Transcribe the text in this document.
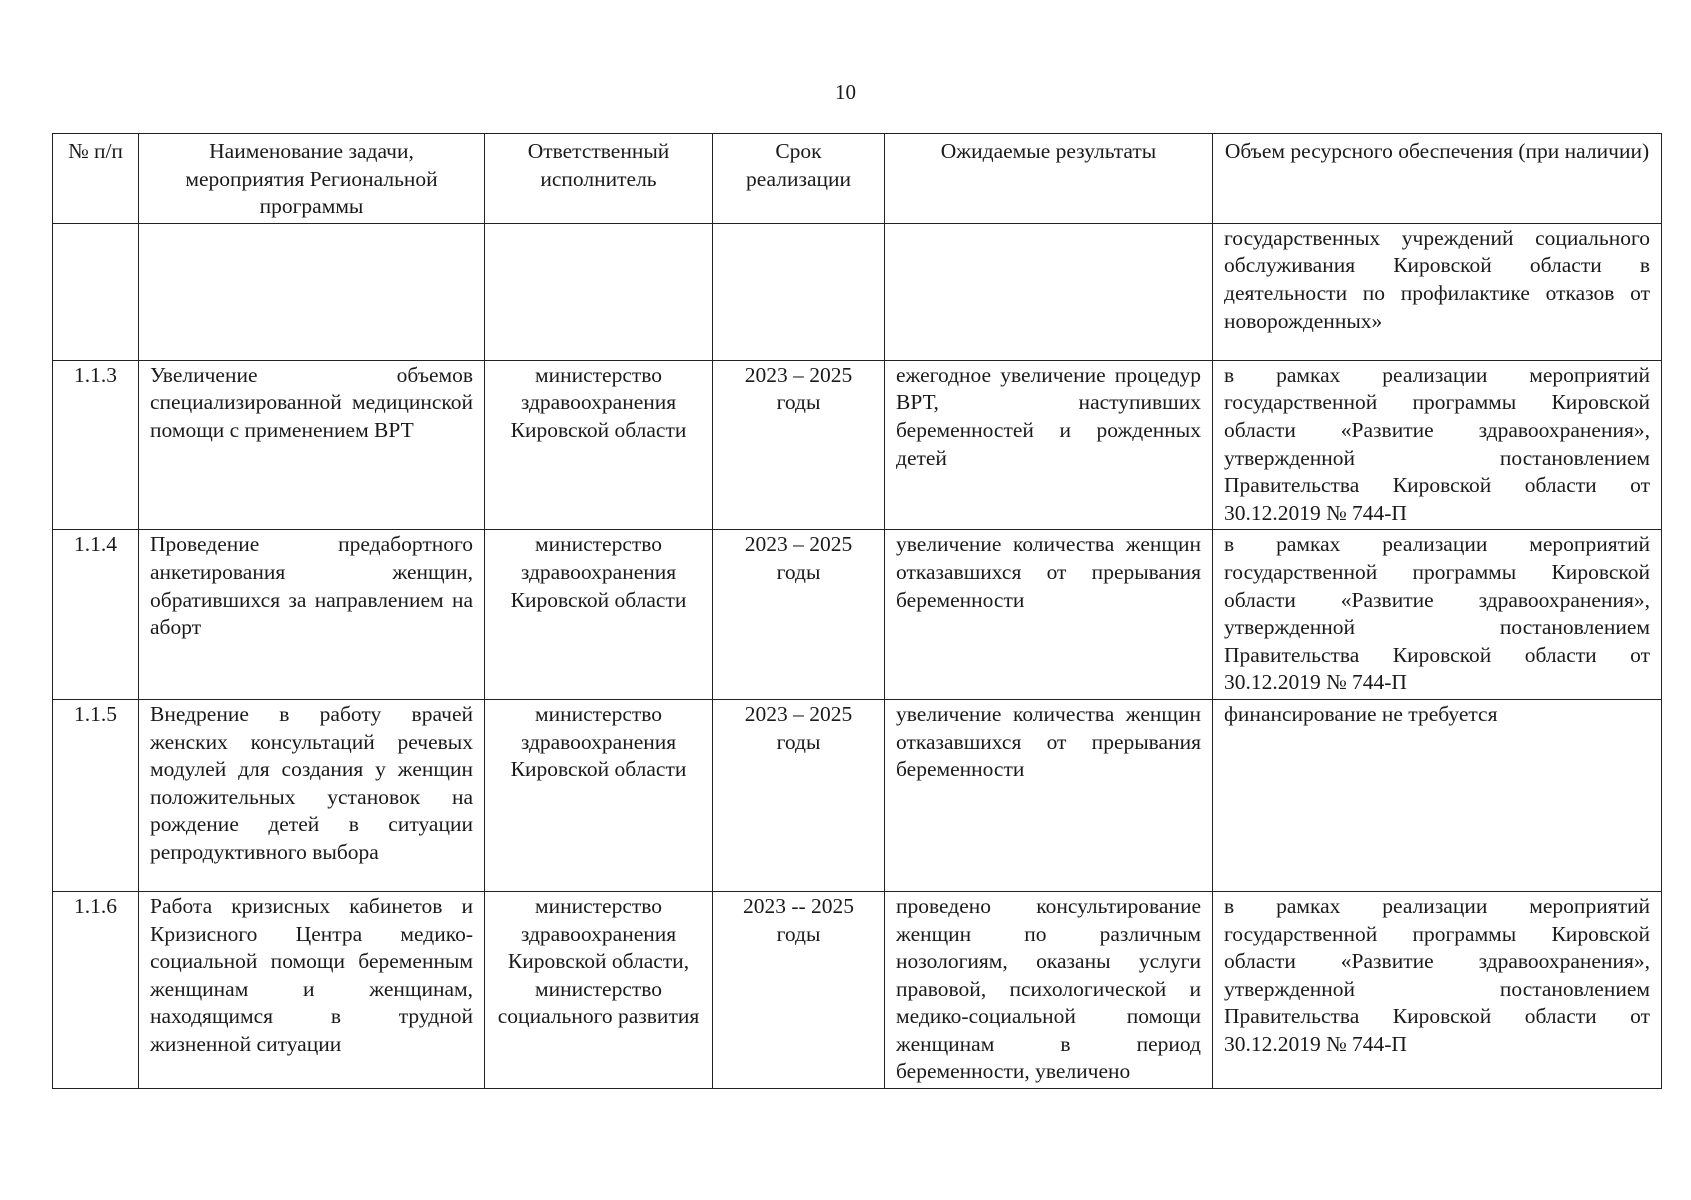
10
№ п/п	Наименование задачи, мероприятия Региональной программы	Ответственный исполнитель	Срок реализации	Ожидаемые результаты	Объем ресурсного обеспечения (при наличии)
					государственных учреждений социального обслуживания Кировской области в деятельности по профилактике отказов от новорожденных»
1.1.3	Увеличение объемов специализированной медицинской помощи с применением ВРТ	министерство здравоохранения Кировской области	2023 – 2025 годы	ежегодное увеличение процедур ВРТ, наступивших беременностей и рожденных детей	в рамках реализации мероприятий государственной программы Кировской области «Развитие здравоохранения», утвержденной постановлением Правительства Кировской области от 30.12.2019 № 744-П
1.1.4	Проведение предабортного анкетирования женщин, обратившихся за направлением на аборт	министерство здравоохранения Кировской области	2023 – 2025 годы	увеличение количества женщин отказавшихся от прерывания беременности	в рамках реализации мероприятий государственной программы Кировской области «Развитие здравоохранения», утвержденной постановлением Правительства Кировской области от 30.12.2019 № 744-П
1.1.5	Внедрение в работу врачей женских консультаций речевых модулей для создания у женщин положительных установок на рождение детей в ситуации репродуктивного выбора	министерство здравоохранения Кировской области	2023 – 2025 годы	увеличение количества женщин отказавшихся от прерывания беременности	финансирование не требуется
1.1.6	Работа кризисных кабинетов и Кризисного Центра медико-социальной помощи беременным женщинам и женщинам, находящимся в трудной жизненной ситуации	министерство здравоохранения Кировской области, министерство социального развития	2023 -- 2025 годы	проведено консультирование женщин по различным нозологиям, оказаны услуги правовой, психологической и медико-социальной помощи женщинам в период беременности, увеличено	в рамках реализации мероприятий государственной программы Кировской области «Развитие здравоохранения», утвержденной постановлением Правительства Кировской области от 30.12.2019 № 744-П
